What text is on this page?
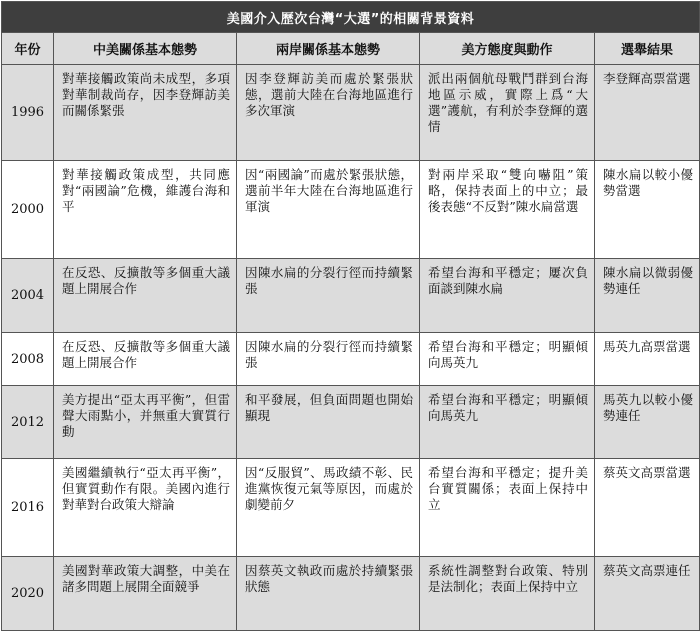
美國介入歷次台灣“大選”的相關背景資料				
年份	中美關係基本態勢	兩岸關係基本態勢	美方態度與動作	選舉結果
1996	對華接觸政策尚未成型，多項對華制裁尚存，因李登輝訪美而關係緊張	因李登輝訪美而處於緊張狀態，選前大陸在台海地區進行多次軍演	派出兩個航母戰鬥群到台海地區示威，實際上爲“大選”護航，有利於李登輝的選情	李登輝高票當選
2000	對華接觸政策成型，共同應對“兩國論”危機，維護台海和平	因“兩國論”而處於緊張狀態，選前半年大陸在台海地區進行軍演	對兩岸采取“雙向嚇阻”策略，保持表面上的中立；最後表態“不反對”陳水扁當選	陳水扁以較小優勢當選
2004	在反恐、反擴散等多個重大議題上開展合作	因陳水扁的分裂行徑而持續緊張	希望台海和平穩定；屢次負面談到陳水扁	陳水扁以微弱優勢連任
2008	在反恐、反擴散等多個重大議題上開展合作	因陳水扁的分裂行徑而持續緊張	希望台海和平穩定；明顯傾向馬英九	馬英九高票當選
2012	美方提出“亞太再平衡”，但雷聲大雨點小，并無重大實質行動	和平發展，但負面問題也開始顯現	希望台海和平穩定；明顯傾向馬英九	馬英九以較小優勢連任
2016	美國繼續執行“亞太再平衡”，但實質動作有限。美國內進行對華對台政策大辯論	因“反服貿”、馬政績不彰、民進黨恢復元氣等原因，而處於劇變前夕	希望台海和平穩定；提升美台實質關係；表面上保持中立	蔡英文高票當選
2020	美國對華政策大調整，中美在諸多問題上展開全面競爭	因蔡英文執政而處於持續緊張狀態	系統性調整對台政策、特別是法制化；表面上保持中立	蔡英文高票連任
